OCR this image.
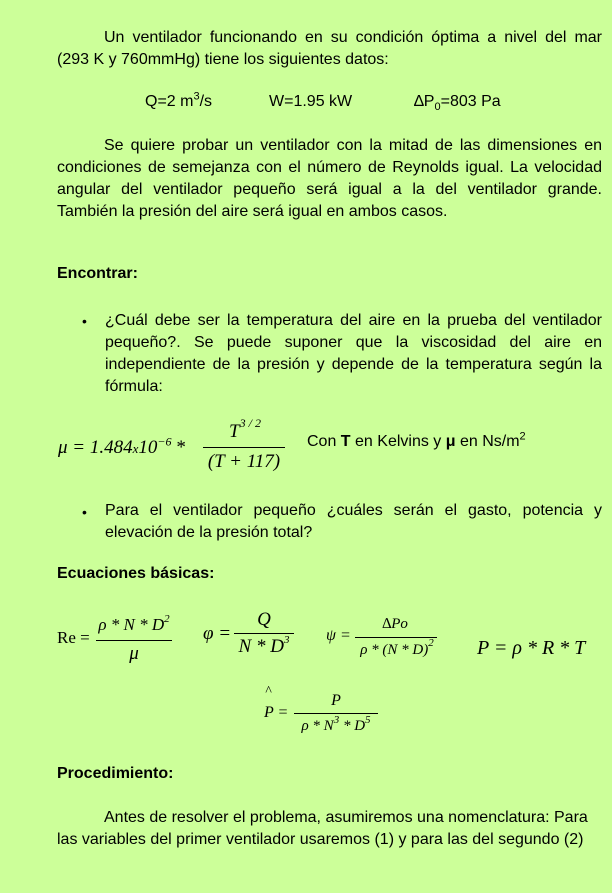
Un ventilador funcionando en su condición óptima a nivel del mar (293 K y 760mmHg) tiene los siguientes datos:
Q=2 $m^3/s$	W=1.95 kW	$\Delta P_0=803$ Pa
Se quiere probar un ventilador con la mitad de las dimensiones en condiciones de semejanza con el número de Reynolds igual. La velocidad angular del ventilador pequeño será igual a la del ventilador grande. También la presión del aire será igual en ambos casos.
Encontrar:
• ¿Cuál debe ser la temperatura del aire en la prueba del ventilador pequeño?. Se puede suponer que la viscosidad del aire en independiente de la presión y depende de la temperatura según la fórmula:
$\mu = 1.484x10^{-6}$ *
$T^{3 / 2}$
(T + 117)
Con T en Kelvins y μ en $Ns/m^2$
• Para el ventilador pequeño ¿cuáles serán el gasto, potencia y elevación de la presión total?
Ecuaciones básicas:
Re =
ρ * N * $D^2$
μ
φ =
Q
N * $D^3$	ψ =
∆Po
ρ * (N * D)$^2$	P = ρ * R * T
^
P =
P
ρ * $N^3 * D^5$
Procedimiento:
Antes de resolver el problema, asumiremos una nomenclatura: Para las variables del primer ventilador usaremos (1) y para las del segundo (2)
